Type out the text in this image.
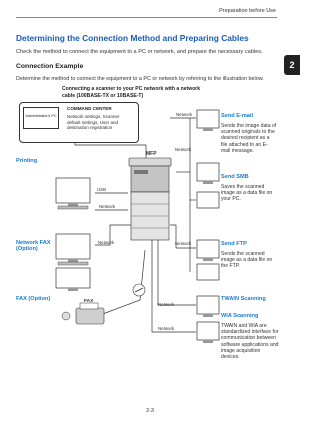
Preparation before Use
2
Determining the Connection Method and Preparing Cables
Check the method to connect the equipment to a PC or network, and prepare the necessary cables.
Connection Example
Determine the method to connect the equipment to a PC or network by referring to the illustration below.
Connecting a scanner to your PC network with a network
cable (100BASE-TX or 10BASE-T)
Administrator's PC
COMMAND CENTER
Network settings, Scanner default settings, User and destination registration
MFP
USB
Network
Network
Network
Network
Network
Network
Network
FAX
Printing
Network FAX (Option)
FAX (Option)
Send E-mail
Sends the image data of scanned originals to the desired recipient as a file attached to an E-mail message.
Send SMB
Saves the scanned image as a data file on your PC.
Send FTP
Sends the scanned image as a data file on the FTP.
TWAIN Scanning
WIA Scanning
TWAIN and WIA are standardized interface for communication between software applications and image acquisition devices.
2-3
